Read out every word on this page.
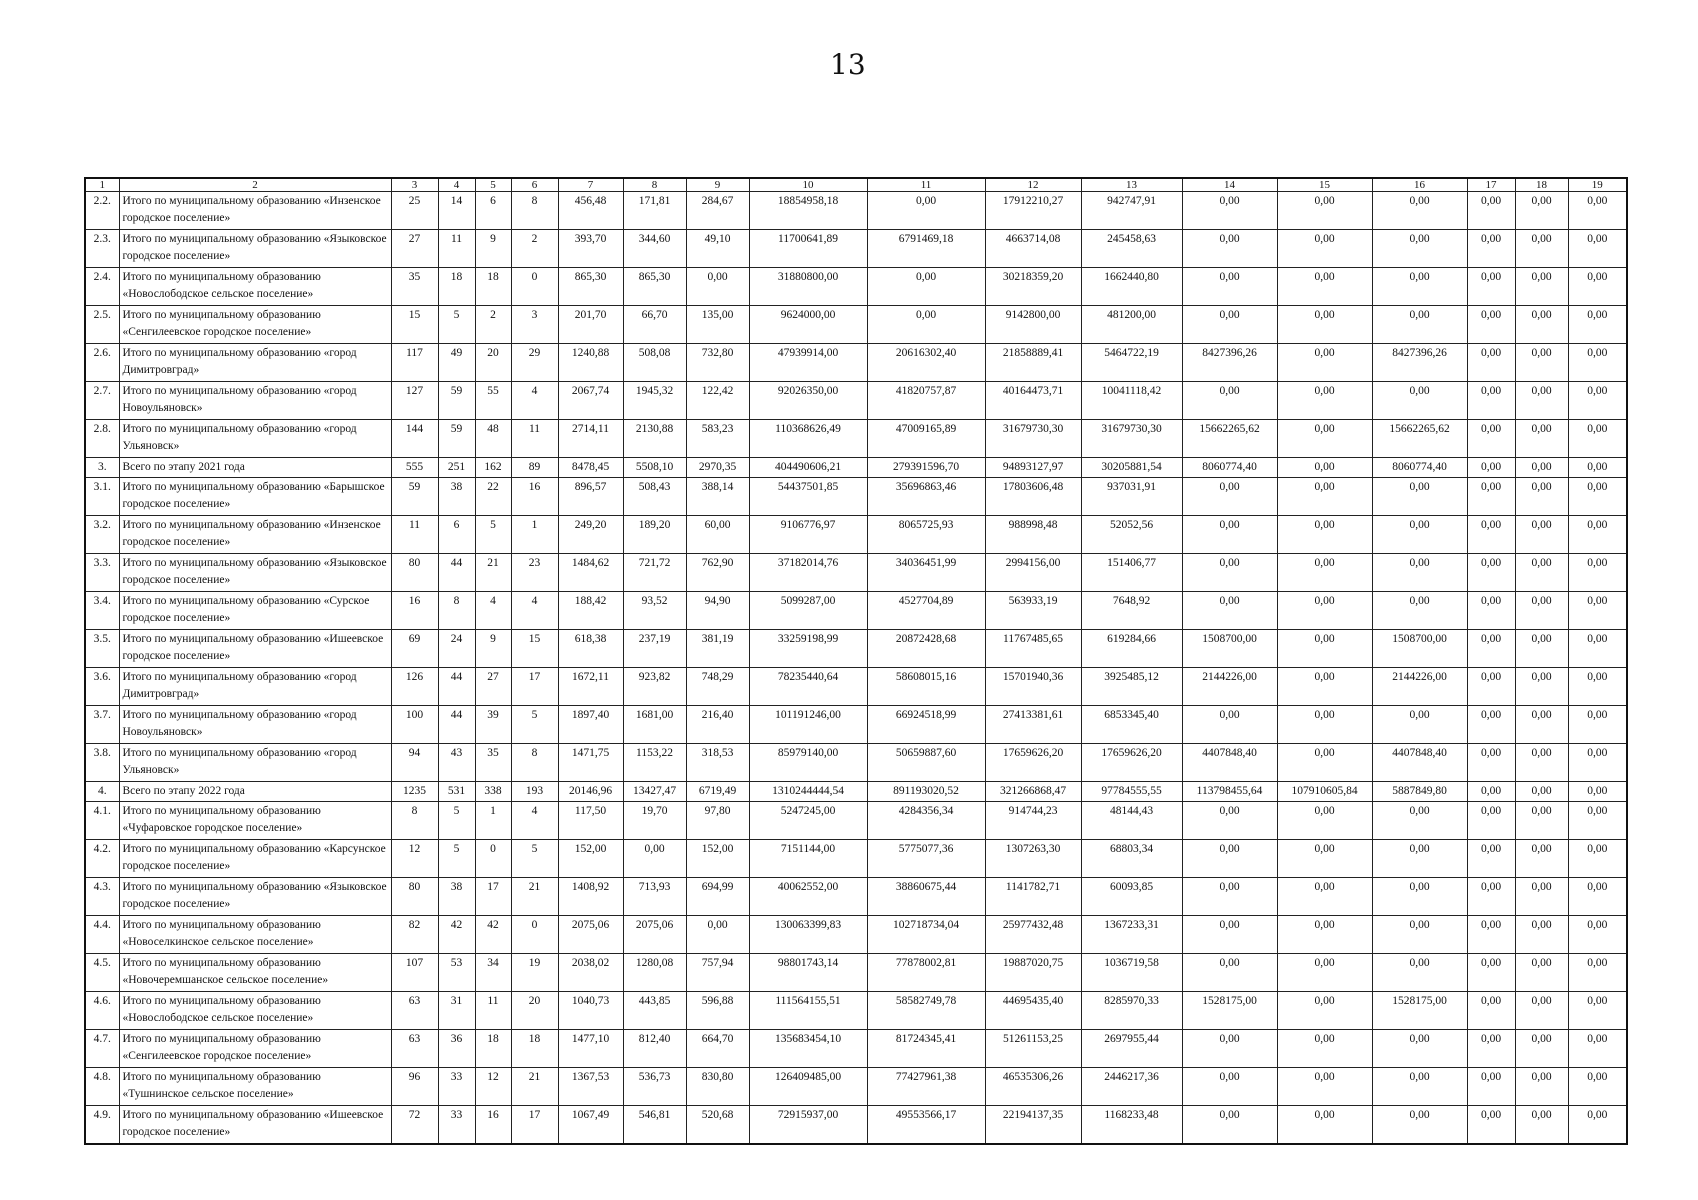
13
1	2	3	4	5	6	7	8	9	10	11	12	13	14	15	16	17	18	19
2.2.	Итого по муниципальному образованию «Инзенское городское поселение»	25	14	6	8	456,48	171,81	284,67	18854958,18	0,00	17912210,27	942747,91	0,00	0,00	0,00	0,00	0,00	0,00
2.3.	Итого по муниципальному образованию «Языковское городское поселение»	27	11	9	2	393,70	344,60	49,10	11700641,89	6791469,18	4663714,08	245458,63	0,00	0,00	0,00	0,00	0,00	0,00
2.4.	Итого по муниципальному образованию «Новослободское сельское поселение»	35	18	18	0	865,30	865,30	0,00	31880800,00	0,00	30218359,20	1662440,80	0,00	0,00	0,00	0,00	0,00	0,00
2.5.	Итого по муниципальному образованию «Сенгилеевское городское поселение»	15	5	2	3	201,70	66,70	135,00	9624000,00	0,00	9142800,00	481200,00	0,00	0,00	0,00	0,00	0,00	0,00
2.6.	Итого по муниципальному образованию «город Димитровград»	117	49	20	29	1240,88	508,08	732,80	47939914,00	20616302,40	21858889,41	5464722,19	8427396,26	0,00	8427396,26	0,00	0,00	0,00
2.7.	Итого по муниципальному образованию «город Новоульяновск»	127	59	55	4	2067,74	1945,32	122,42	92026350,00	41820757,87	40164473,71	10041118,42	0,00	0,00	0,00	0,00	0,00	0,00
2.8.	Итого по муниципальному образованию «город Ульяновск»	144	59	48	11	2714,11	2130,88	583,23	110368626,49	47009165,89	31679730,30	31679730,30	15662265,62	0,00	15662265,62	0,00	0,00	0,00
3.	Всего по этапу 2021 года	555	251	162	89	8478,45	5508,10	2970,35	404490606,21	279391596,70	94893127,97	30205881,54	8060774,40	0,00	8060774,40	0,00	0,00	0,00
3.1.	Итого по муниципальному образованию «Барышское городское поселение»	59	38	22	16	896,57	508,43	388,14	54437501,85	35696863,46	17803606,48	937031,91	0,00	0,00	0,00	0,00	0,00	0,00
3.2.	Итого по муниципальному образованию «Инзенское городское поселение»	11	6	5	1	249,20	189,20	60,00	9106776,97	8065725,93	988998,48	52052,56	0,00	0,00	0,00	0,00	0,00	0,00
3.3.	Итого по муниципальному образованию «Языковское городское поселение»	80	44	21	23	1484,62	721,72	762,90	37182014,76	34036451,99	2994156,00	151406,77	0,00	0,00	0,00	0,00	0,00	0,00
3.4.	Итого по муниципальному образованию «Сурское городское поселение»	16	8	4	4	188,42	93,52	94,90	5099287,00	4527704,89	563933,19	7648,92	0,00	0,00	0,00	0,00	0,00	0,00
3.5.	Итого по муниципальному образованию «Ишеевское городское поселение»	69	24	9	15	618,38	237,19	381,19	33259198,99	20872428,68	11767485,65	619284,66	1508700,00	0,00	1508700,00	0,00	0,00	0,00
3.6.	Итого по муниципальному образованию «город Димитровград»	126	44	27	17	1672,11	923,82	748,29	78235440,64	58608015,16	15701940,36	3925485,12	2144226,00	0,00	2144226,00	0,00	0,00	0,00
3.7.	Итого по муниципальному образованию «город Новоульяновск»	100	44	39	5	1897,40	1681,00	216,40	101191246,00	66924518,99	27413381,61	6853345,40	0,00	0,00	0,00	0,00	0,00	0,00
3.8.	Итого по муниципальному образованию «город Ульяновск»	94	43	35	8	1471,75	1153,22	318,53	85979140,00	50659887,60	17659626,20	17659626,20	4407848,40	0,00	4407848,40	0,00	0,00	0,00
4.	Всего по этапу 2022 года	1235	531	338	193	20146,96	13427,47	6719,49	1310244444,54	891193020,52	321266868,47	97784555,55	113798455,64	107910605,84	5887849,80	0,00	0,00	0,00
4.1.	Итого по муниципальному образованию «Чуфаровское городское поселение»	8	5	1	4	117,50	19,70	97,80	5247245,00	4284356,34	914744,23	48144,43	0,00	0,00	0,00	0,00	0,00	0,00
4.2.	Итого по муниципальному образованию «Карсунское городское поселение»	12	5	0	5	152,00	0,00	152,00	7151144,00	5775077,36	1307263,30	68803,34	0,00	0,00	0,00	0,00	0,00	0,00
4.3.	Итого по муниципальному образованию «Языковское городское поселение»	80	38	17	21	1408,92	713,93	694,99	40062552,00	38860675,44	1141782,71	60093,85	0,00	0,00	0,00	0,00	0,00	0,00
4.4.	Итого по муниципальному образованию «Новоселкинское сельское поселение»	82	42	42	0	2075,06	2075,06	0,00	130063399,83	102718734,04	25977432,48	1367233,31	0,00	0,00	0,00	0,00	0,00	0,00
4.5.	Итого по муниципальному образованию «Новочеремшанское сельское поселение»	107	53	34	19	2038,02	1280,08	757,94	98801743,14	77878002,81	19887020,75	1036719,58	0,00	0,00	0,00	0,00	0,00	0,00
4.6.	Итого по муниципальному образованию «Новослободское сельское поселение»	63	31	11	20	1040,73	443,85	596,88	111564155,51	58582749,78	44695435,40	8285970,33	1528175,00	0,00	1528175,00	0,00	0,00	0,00
4.7.	Итого по муниципальному образованию «Сенгилеевское городское поселение»	63	36	18	18	1477,10	812,40	664,70	135683454,10	81724345,41	51261153,25	2697955,44	0,00	0,00	0,00	0,00	0,00	0,00
4.8.	Итого по муниципальному образованию «Тушнинское сельское поселение»	96	33	12	21	1367,53	536,73	830,80	126409485,00	77427961,38	46535306,26	2446217,36	0,00	0,00	0,00	0,00	0,00	0,00
4.9.	Итого по муниципальному образованию «Ишеевское городское поселение»	72	33	16	17	1067,49	546,81	520,68	72915937,00	49553566,17	22194137,35	1168233,48	0,00	0,00	0,00	0,00	0,00	0,00
